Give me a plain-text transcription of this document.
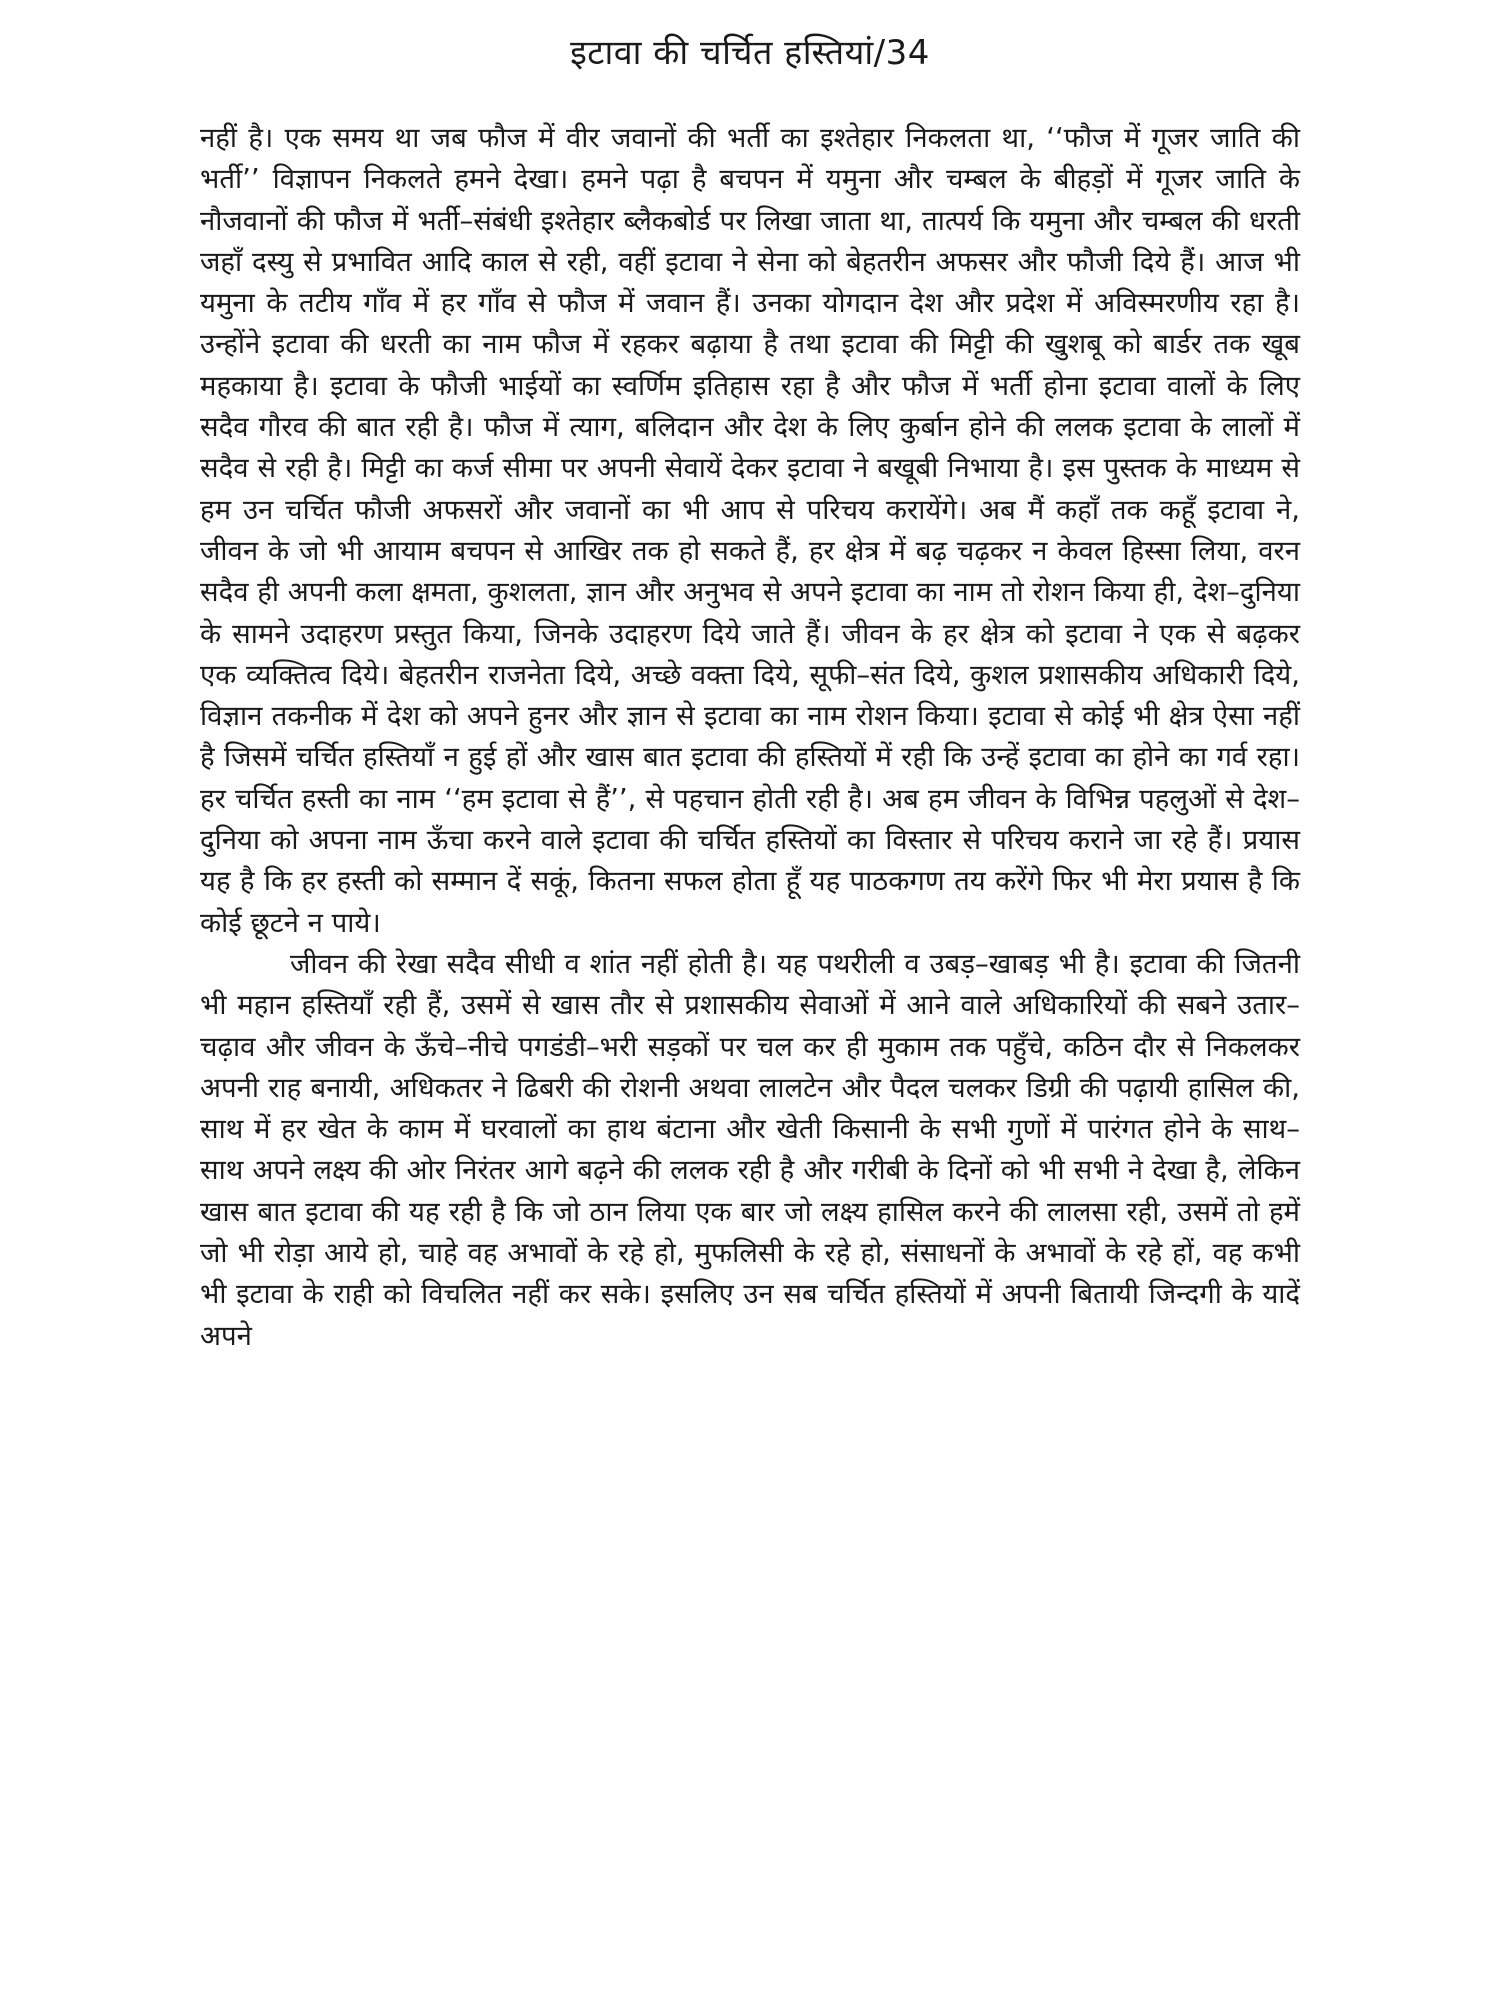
इटावा की चर्चित हस्तियां/34

नहीं है। एक समय था जब फौज में वीर जवानों की भर्ती का इश्तेहार निकलता था, ‘‘फौज में गूजर जाति की भर्ती’’ विज्ञापन निकलते हमने देखा। हमने पढ़ा है बचपन में यमुना और चम्बल के बीहड़ों में गूजर जाति के नौजवानों की फौज में भर्ती–संबंधी इश्तेहार ब्लैकबोर्ड पर लिखा जाता था, तात्पर्य कि यमुना और चम्बल की धरती जहाँ दस्यु से प्रभावित आदि काल से रही, वहीं इटावा ने सेना को बेहतरीन अफसर और फौजी दिये हैं। आज भी यमुना के तटीय गाँव में हर गाँव से फौज में जवान हैं। उनका योगदान देश और प्रदेश में अविस्मरणीय रहा है। उन्होंने इटावा की धरती का नाम फौज में रहकर बढ़ाया है तथा इटावा की मिट्टी की खुशबू को बार्डर तक खूब महकाया है। इटावा के फौजी भाईयों का स्वर्णिम इतिहास रहा है और फौज में भर्ती होना इटावा वालों के लिए सदैव गौरव की बात रही है। फौज में त्याग, बलिदान और देश के लिए कुर्बान होने की ललक इटावा के लालों में सदैव से रही है। मिट्टी का कर्ज सीमा पर अपनी सेवायें देकर इटावा ने बखूबी निभाया है। इस पुस्तक के माध्यम से हम उन चर्चित फौजी अफसरों और जवानों का भी आप से परिचय करायेंगे। अब मैं कहाँ तक कहूँ इटावा ने, जीवन के जो भी आयाम बचपन से आखिर तक हो सकते हैं, हर क्षेत्र में बढ़ चढ़कर न केवल हिस्सा लिया, वरन सदैव ही अपनी कला क्षमता, कुशलता, ज्ञान और अनुभव से अपने इटावा का नाम तो रोशन किया ही, देश–दुनिया के सामने उदाहरण प्रस्तुत किया, जिनके उदाहरण दिये जाते हैं। जीवन के हर क्षेत्र को इटावा ने एक से बढ़कर एक व्यक्तित्व दिये। बेहतरीन राजनेता दिये, अच्छे वक्ता दिये, सूफी–संत दिये, कुशल प्रशासकीय अधिकारी दिये, विज्ञान तकनीक में देश को अपने हुनर और ज्ञान से इटावा का नाम रोशन किया। इटावा से कोई भी क्षेत्र ऐसा नहीं है जिसमें चर्चित हस्तियाँ न हुई हों और खास बात इटावा की हस्तियों में रही कि उन्हें इटावा का होने का गर्व रहा। हर चर्चित हस्ती का नाम ‘‘हम इटावा से हैं’’, से पहचान होती रही है। अब हम जीवन के विभिन्न पहलुओं से देश–दुनिया को अपना नाम ऊँचा करने वाले इटावा की चर्चित हस्तियों का विस्तार से परिचय कराने जा रहे हैं। प्रयास यह है कि हर हस्ती को सम्मान दें सकूं, कितना सफल होता हूँ यह पाठकगण तय करेंगे फिर भी मेरा प्रयास है कि कोई छूटने न पाये।

जीवन की रेखा सदैव सीधी व शांत नहीं होती है। यह पथरीली व उबड़–खाबड़ भी है। इटावा की जितनी भी महान हस्तियाँ रही हैं, उसमें से खास तौर से प्रशासकीय सेवाओं में आने वाले अधिकारियों की सबने उतार–चढ़ाव और जीवन के ऊँचे–नीचे पगडंडी–भरी सड़कों पर चल कर ही मुकाम तक पहुँचे, कठिन दौर से निकलकर अपनी राह बनायी, अधिकतर ने ढिबरी की रोशनी अथवा लालटेन और पैदल चलकर डिग्री की पढ़ायी हासिल की, साथ में हर खेत के काम में घरवालों का हाथ बंटाना और खेती किसानी के सभी गुणों में पारंगत होने के साथ–साथ अपने लक्ष्य की ओर निरंतर आगे बढ़ने की ललक रही है और गरीबी के दिनों को भी सभी ने देखा है, लेकिन खास बात इटावा की यह रही है कि जो ठान लिया एक बार जो लक्ष्य हासिल करने की लालसा रही, उसमें तो हमें जो भी रोड़ा आये हो, चाहे वह अभावों के रहे हो, मुफलिसी के रहे हो, संसाधनों के अभावों के रहे हों, वह कभी भी इटावा के राही को विचलित नहीं कर सके। इसलिए उन सब चर्चित हस्तियों में अपनी बितायी जिन्दगी के यादें अपने
